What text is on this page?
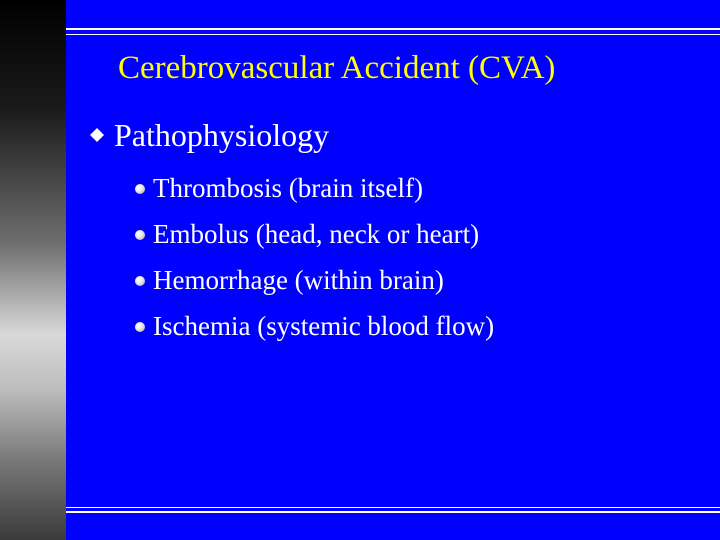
Cerebrovascular Accident (CVA)
Pathophysiology
Thrombosis (brain itself)
Embolus (head, neck or heart)
Hemorrhage (within brain)
Ischemia (systemic blood flow)
